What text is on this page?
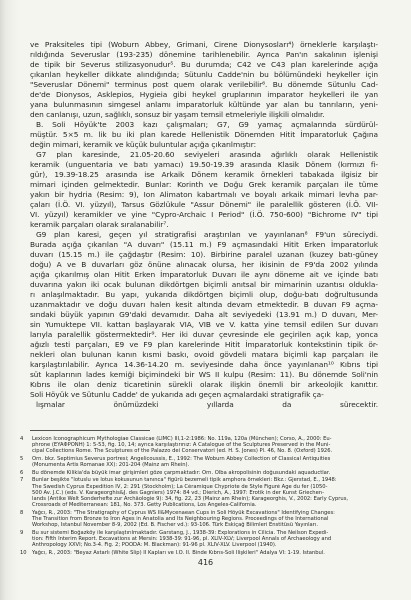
ve Praksiteles tipi (Woburn Abbey, Grimani, Cirene Dionysosları⁴) örneklerle karşılaştı-
rıldığında Severuslar (193-235) dönemine tarihlenebilir. Ayrıca Pan'ın sakalının işlenişi
de tipik bir Severus stilizasyonudur⁵. Bu durumda; C42 ve C43 plan karelerinde açığa
çıkarılan heykeller dikkate alındığında; Sütunlu Cadde'nin bu bölümündeki heykeller için
"Severuslar Dönemi" terminus post quem olarak verilebilir⁶. Bu dönemde Sütunlu Cad-
de'de Dionysos, Asklepios, Hygieia gibi heykel gruplarının imparator heykelleri ile yan
yana bulunmasının simgesel anlamı imparatorluk kültünde yar alan bu tanrıların, yeni-
den canlanışı, uzun, sağlıklı, sonsuz bir yaşam temsil etmeleriyle ilişkili olmalıdır.
B. Soli Höyük'te 2003 kazı çalışmaları; G7, G9 yamaç açmalarında sürdürül-
müştür. 5×5 m. lik bu iki plan karede Hellenistik Dönemden Hitit İmparatorluk Çağına
değin mimari, keramik ve küçük buluntular açığa çıkarılmıştır:
G7 plan karesinde, 21.05-20.60 seviyeleri arasında ağırlıklı olarak Hellenistik
keramik (unguentaria ve batı yamacı) 19.50-19.39 arasında Klasik Dönem (kırmızı fi-
gür), 19.39-18.25 arasında ise Arkaik Dönem keramik örnekleri tabakada ilgisiz bir
mimari içinden gelmektedir. Bunlar: Korinth ve Doğu Grek keramik parçaları ile tüme
yakın bir hydria (Resim: 9), Ion Alimaton kabartmalı ve boyalı arkaik mimari levha par-
çaları (İ.Ö. VI. yüzyıl), Tarsus Gözlükule "Assur Dönemi" ile paralellik gösteren (İ.Ö. VII-
VI. yüzyıl) keramikler ve yine "Cypro-Archaic I Period" (İ.Ö. 750-600) "Bichrome IV" tipi
keramik parçaları olarak sıralanabilir⁷.
G9 plan karesi, geçen yıl stratigrafisi araştırılan ve yayınlanan⁸ F9'un süreciydi.
Burada açığa çıkarılan "A duvarı" (15.11 m.) F9 açmasındaki Hitit Erken İmparatorluk
duvarı (15.15 m.) ile çağdaştır (Resim: 10). Birbirine paralel uzanan (kuzey batı-güney
doğu) A ve B duvarları göz önüne alınacak olursa, her ikisinin de F9'da 2002 yılında
açığa çıkarılmış olan Hitit Erken İmparatorluk Duvarı ile aynı döneme ait ve içinde batı
duvarına yakın iki ocak bulunan dikdörtgen biçimli anıtsal bir mimarinin uzantısı oldukla-
rı anlaşılmaktadır. Bu yapı, yukarıda dikdörtgen biçimli olup, doğu-batı doğrultusunda
uzanmaktadır ve doğu duvarı halen kesit altında devam etmektedir. B duvarı F9 açma-
sındaki büyük yapının G9'daki devamıdır. Daha alt seviyedeki (13.91 m.) D duvarı, Mer-
sin Yumuktepe VII. kattan başlayarak VIA, VIB ve V. katta yine temsil edilen Sur duvarı
larıyla paralellik göstermektedir⁹. Her iki duvar çevresinde ele geçirilen açık kap, yonca
ağızlı testi parçaları, E9 ve F9 plan karelerinde Hitit İmparatorluk kontekstinin tipik ör-
nekleri olan bulunan kanın kısmi baskı, ovoid gövdeli matara biçimli kap parçaları ile
karşılaştırılabilir. Ayrıca 14.36-14.20 m. seviyesinde daha önce yayınlanan¹⁰ Kıbrıs tipi
süt kaplarının lades kemiği biçimindeki bir WS II kulpu (Resim: 11). Bu dönemde Soli'nin
Kıbrıs ile olan deniz ticaretinin sürekli olarak ilişkin önemli bir arkeolojik kanıttır.
Soli Höyük ve Sütunlu Cadde' de yukarıda adı geçen açmalardaki stratigrafik ça-
lışmalar önümüzdeki yıllarda da sürecektir.
4	Lexicon Iconographicum Mythologiae Classicae (LIMC) III,1-2:1986: No. 119a, 120a (München); Corso, A., 2000: Eu-
phrone (EYAΦPONH) 1: 5-53, fig. 10, 14; ayrıca karşılaştırınız: A Catalogue of the Sculptures Preserved in the Muni-
cipal Collections Rome. The Sculptures of the Palazzo dei Conservatori (ed. H. S. Jones) Pl. 46, No. 8. (Oxford) 1926.
5	Örn. bkz. Septimius Severus portresi; Angelicoussis, E., 1992: The Woburn Abbey Collection of Classical Antiquities
(Monumenta Artis Romanae XX): 201-204 (Mainz am Rhein).
6	Bu dönemde Kilikia'da büyük imar girişimleri göze çarpmaktadır: Örn. Olba akropolisinin doğusundaki aquaductlar.
7	Bunlar beşikte "lotuslu ve lotus kokusunun tanınca" figürü bezemeli tipik amphora örnekleri: Bkz.: Gjerstad, E., 1948:
The Swedish Cyprus Expedition IV, 2: 291 (Stockholm); La Céramique Chypriote de Style Figuré Age du fer (1050-
500 Av. J.C.) (eds. V. Karageorghis&J. des Gagniers) 1974: 84 vd.; Dierich, A., 1997: Erotik in der Kunst Griechen-
lands (Antike Welt Sonderhefte zur Archäologie 9): 34, fig. 22, 23 (Mainz am Rhein); Karageorghis, V., 2002: Early Cyprus,
Crossroads of Mediterranean: 181, No. 373. Getty Publications, Los Angeles-California.
8	Yağcı, R., 2003: "The Stratigraphy of Cyprus WS II&Mycenaean Cups in Soli Höyük Excavations" Identifying Changes:
The Transition from Bronze to Iron Ages in Anatolia and Its Neighbouring Regions. Proceedings of the International
Workshop, İstanbul November 8-9, 2002 (Ed. B. Fischer vd.): 93-106. Türk Eskiçağ Bilimleri Enstitüsü Yayınları.
9	Bu sur sistemi Boğazköy ile karşılaştırılmaktadır. Garstang, J., 1938-39: Explorations in Cilicia. The Neilson Expedi-
tion: Fifth Interim Report. Excavations at Mersin: 1938-39: 91-96, pl. XLIV-XLV; Liverpool Annals of Archaeology and
Anthropology XXVI; No.3-4. Fig. 2; POODA: M. Blackman): 91-96 pl. XLIV-XLV. Liverpool (1940).
10	Yağcı, R., 2003: "Beyaz Astarlı (White Slip) II Kapları ve İ.Ö. II. Binde Kıbrıs-Soli İlişkileri" Adalya VI: 1-19. İstanbul.
416
